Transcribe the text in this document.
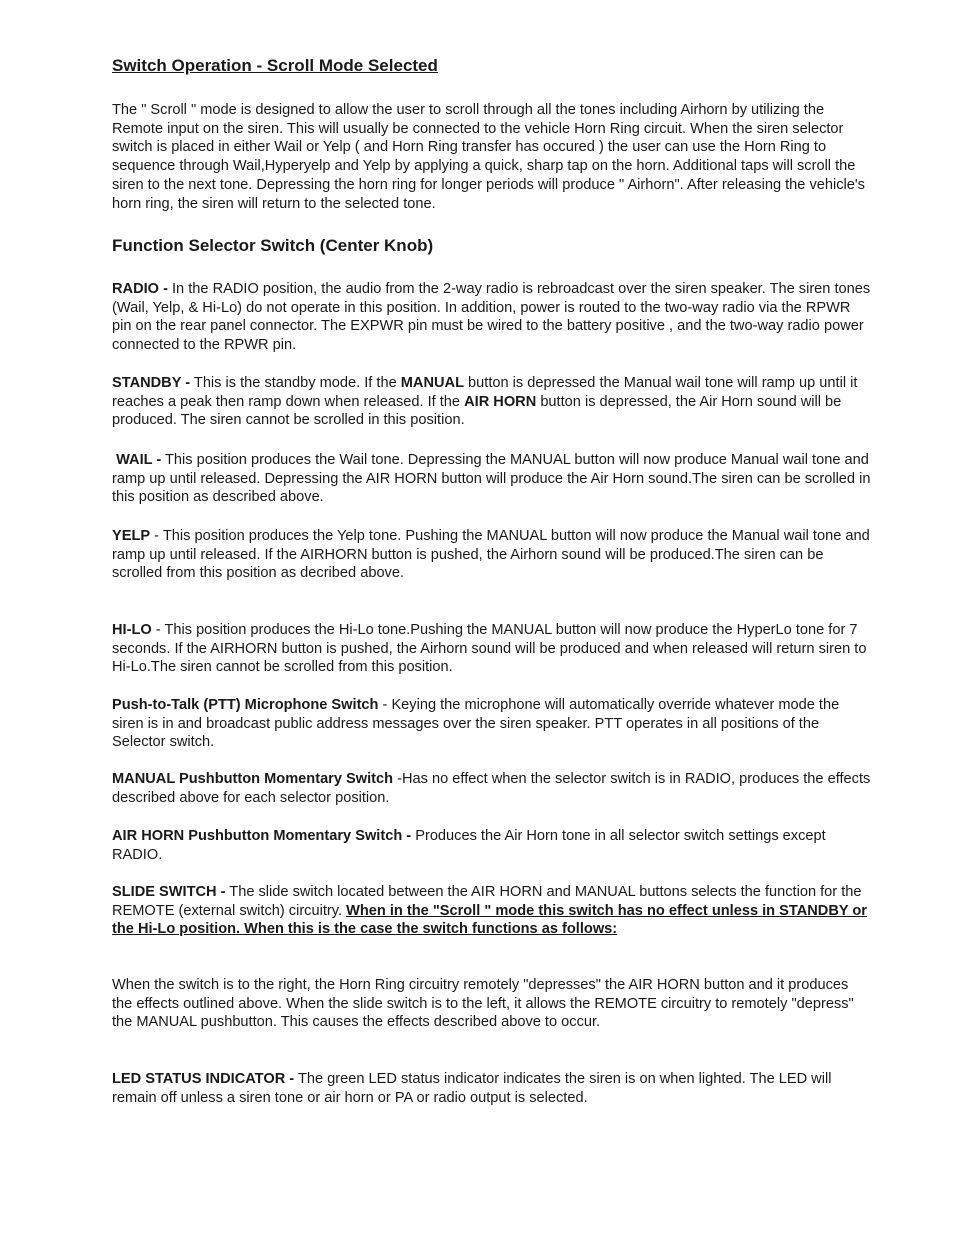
Switch Operation - Scroll Mode Selected

The " Scroll " mode is designed to allow the user to scroll through all the tones including Airhorn by utilizing the Remote input on the siren. This will usually be connected to the vehicle Horn Ring circuit. When the siren selector switch is placed in either Wail or Yelp ( and Horn Ring transfer has occured ) the user can use the Horn Ring to sequence through Wail,Hyperyelp and Yelp by applying a quick, sharp tap on the horn. Additional taps will scroll the siren to the next tone. Depressing the horn ring for longer periods will produce " Airhorn". After releasing the vehicle's horn ring, the siren will return to the selected tone.

Function Selector Switch (Center Knob)

RADIO - In the RADIO position, the audio from the 2-way radio is rebroadcast over the siren speaker. The siren tones (Wail, Yelp, & Hi-Lo) do not operate in this position. In addition, power is routed to the two-way radio via the RPWR pin on the rear panel connector. The EXPWR pin must be wired to the battery positive , and the two-way radio power connected to the RPWR pin.

STANDBY - This is the standby mode. If the MANUAL button is depressed the Manual wail tone will ramp up until it reaches a peak then ramp down when released. If the AIR HORN button is depressed, the Air Horn sound will be produced. The siren cannot be scrolled in this position.

WAIL - This position produces the Wail tone. Depressing the MANUAL button will now produce Manual wail tone and ramp up until released. Depressing the AIR HORN button will produce the Air Horn sound.The siren can be scrolled in this position as described above.

YELP - This position produces the Yelp tone. Pushing the MANUAL button will now produce the Manual wail tone and ramp up until released. If the AIRHORN button is pushed, the Airhorn sound will be produced.The siren can be scrolled from this position as decribed above.

HI-LO - This position produces the Hi-Lo tone.Pushing the MANUAL button will now produce the HyperLo tone for 7 seconds. If the AIRHORN button is pushed, the Airhorn sound will be produced and when released will return siren to Hi-Lo.The siren cannot be scrolled from this position.

Push-to-Talk (PTT) Microphone Switch - Keying the microphone will automatically override whatever mode the siren is in and broadcast public address messages over the siren speaker. PTT operates in all positions of the Selector switch.

MANUAL Pushbutton Momentary Switch -Has no effect when the selector switch is in RADIO, produces the effects described above for each selector position.

AIR HORN Pushbutton Momentary Switch - Produces the Air Horn tone in all selector switch settings except RADIO.

SLIDE SWITCH - The slide switch located between the AIR HORN and MANUAL buttons selects the function for the REMOTE (external switch) circuitry. When in the "Scroll " mode this switch has no effect unless in STANDBY or the Hi-Lo position. When this is the case the switch functions as follows:

When the switch is to the right, the Horn Ring circuitry remotely "depresses" the AIR HORN button and it produces the effects outlined above. When the slide switch is to the left, it allows the REMOTE circuitry to remotely "depress" the MANUAL pushbutton. This causes the effects described above to occur.

LED STATUS INDICATOR - The green LED status indicator indicates the siren is on when lighted. The LED will remain off unless a siren tone or air horn or PA or radio output is selected.
